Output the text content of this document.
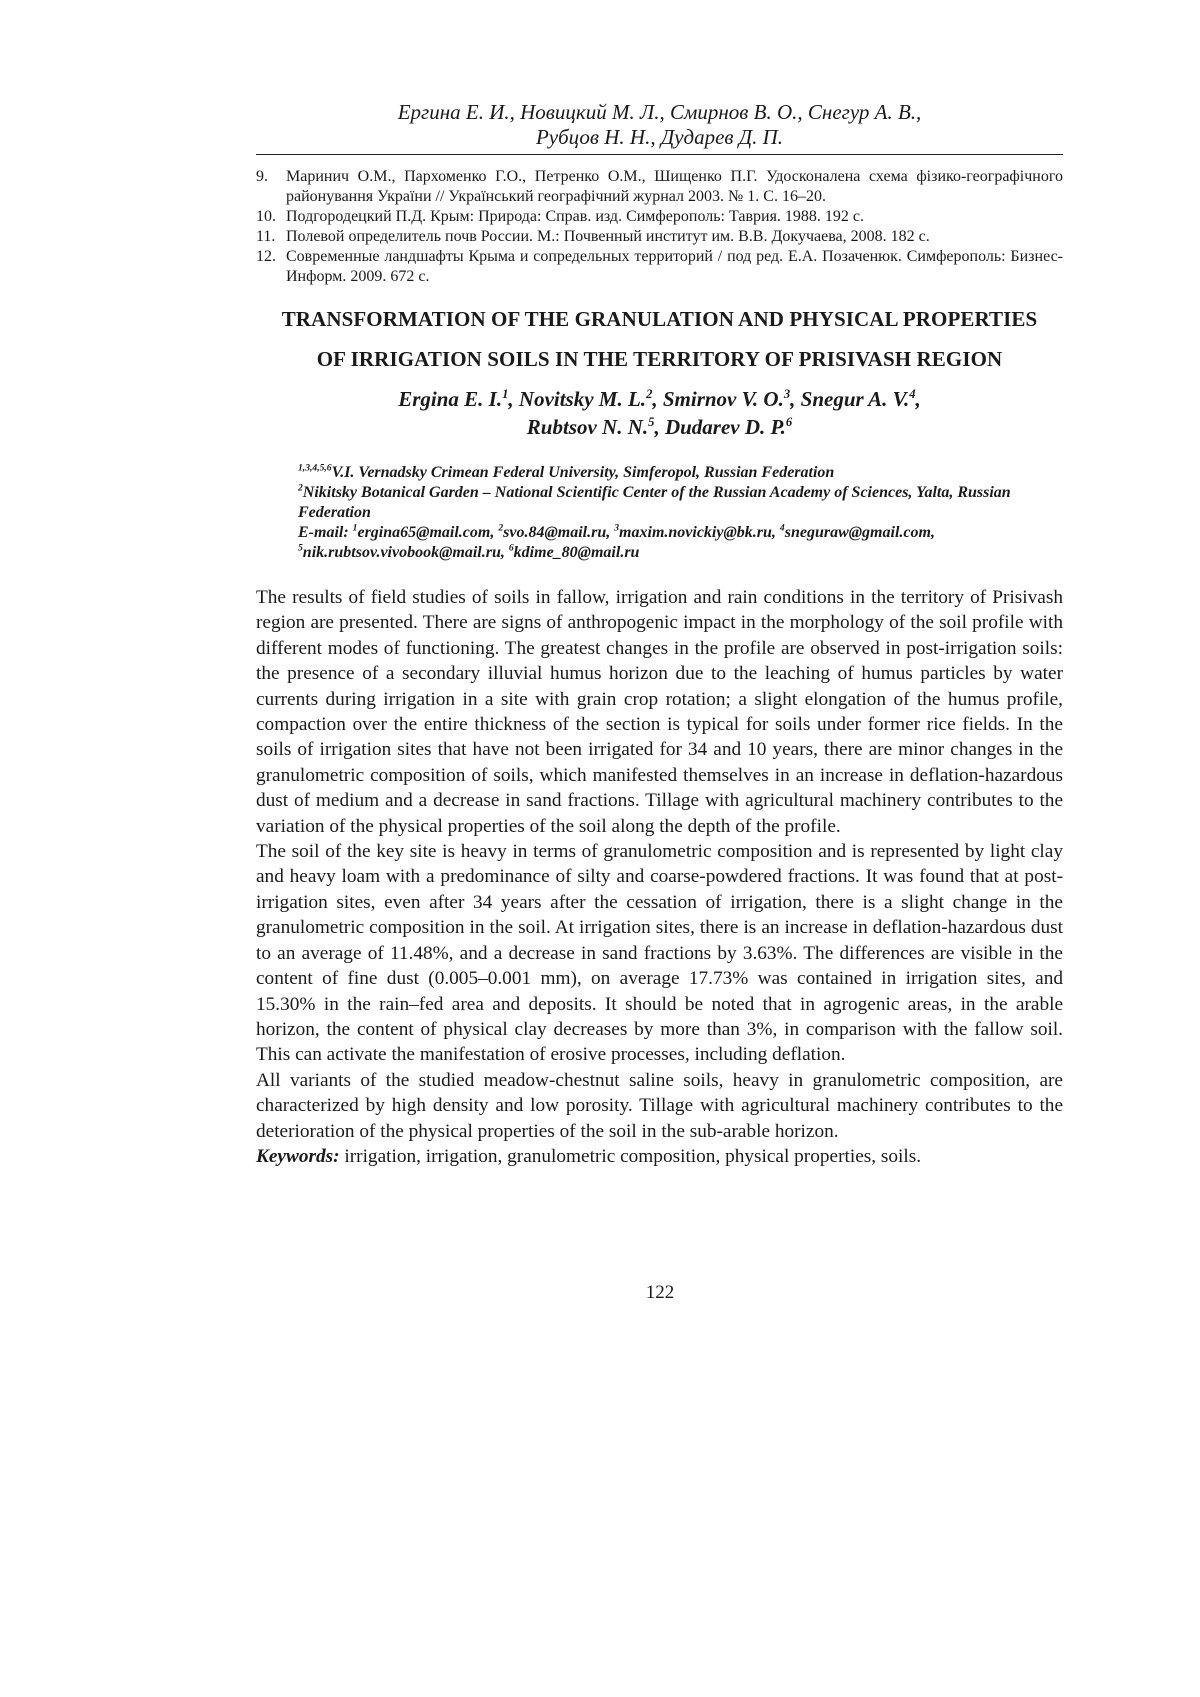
Ергина Е. И., Новицкий М. Л., Смирнов В. О., Снегур А. В.,
Рубцов Н. Н., Дударев Д. П.
9. Маринич О.М., Пархоменко Г.О., Петренко О.М., Шищенко П.Г. Удосконалена схема фізико-географічного районування України // Український географічний журнал 2003. № 1. С. 16–20.
10. Подгородецкий П.Д. Крым: Природа: Справ. изд. Симферополь: Таврия. 1988. 192 с.
11. Полевой определитель почв России. М.: Почвенный институт им. В.В. Докучаева, 2008. 182 с.
12. Современные ландшафты Крыма и сопредельных территорий / под ред. Е.А. Позаченюк. Симферополь: Бизнес-Информ. 2009. 672 с.
TRANSFORMATION OF THE GRANULATION AND PHYSICAL PROPERTIES
OF IRRIGATION SOILS IN THE TERRITORY OF PRISIVASH REGION
Ergina E. I.1, Novitsky M. L.2, Smirnov V. O.3, Snegur A. V.4,
Rubtsov N. N.5, Dudarev D. P.6
1,3,4,5,6V.I. Vernadsky Crimean Federal University, Simferopol, Russian Federation
2Nikitsky Botanical Garden – National Scientific Center of the Russian Academy of Sciences, Yalta, Russian Federation
E-mail: 1ergina65@mail.com, 2svo.84@mail.ru, 3maxim.novickiy@bk.ru, 4sneguraw@gmail.com,
5nik.rubtsov.vivobook@mail.ru, 6kdime_80@mail.ru

The results of field studies of soils in fallow, irrigation and rain conditions in the territory of Prisivash region are presented. There are signs of anthropogenic impact in the morphology of the soil profile with different modes of functioning. The greatest changes in the profile are observed in post-irrigation soils: the presence of a secondary illuvial humus horizon due to the leaching of humus particles by water currents during irrigation in a site with grain crop rotation; a slight elongation of the humus profile, compaction over the entire thickness of the section is typical for soils under former rice fields. In the soils of irrigation sites that have not been irrigated for 34 and 10 years, there are minor changes in the granulometric composition of soils, which manifested themselves in an increase in deflation-hazardous dust of medium and a decrease in sand fractions. Tillage with agricultural machinery contributes to the variation of the physical properties of the soil along the depth of the profile.

The soil of the key site is heavy in terms of granulometric composition and is represented by light clay and heavy loam with a predominance of silty and coarse-powdered fractions. It was found that at post-irrigation sites, even after 34 years after the cessation of irrigation, there is a slight change in the granulometric composition in the soil. At irrigation sites, there is an increase in deflation-hazardous dust to an average of 11.48%, and a decrease in sand fractions by 3.63%. The differences are visible in the content of fine dust (0.005–0.001 mm), on average 17.73% was contained in irrigation sites, and 15.30% in the rain–fed area and deposits. It should be noted that in agrogenic areas, in the arable horizon, the content of physical clay decreases by more than 3%, in comparison with the fallow soil. This can activate the manifestation of erosive processes, including deflation.

All variants of the studied meadow-chestnut saline soils, heavy in granulometric composition, are characterized by high density and low porosity. Tillage with agricultural machinery contributes to the deterioration of the physical properties of the soil in the sub-arable horizon.

Keywords: irrigation, irrigation, granulometric composition, physical properties, soils.

122
